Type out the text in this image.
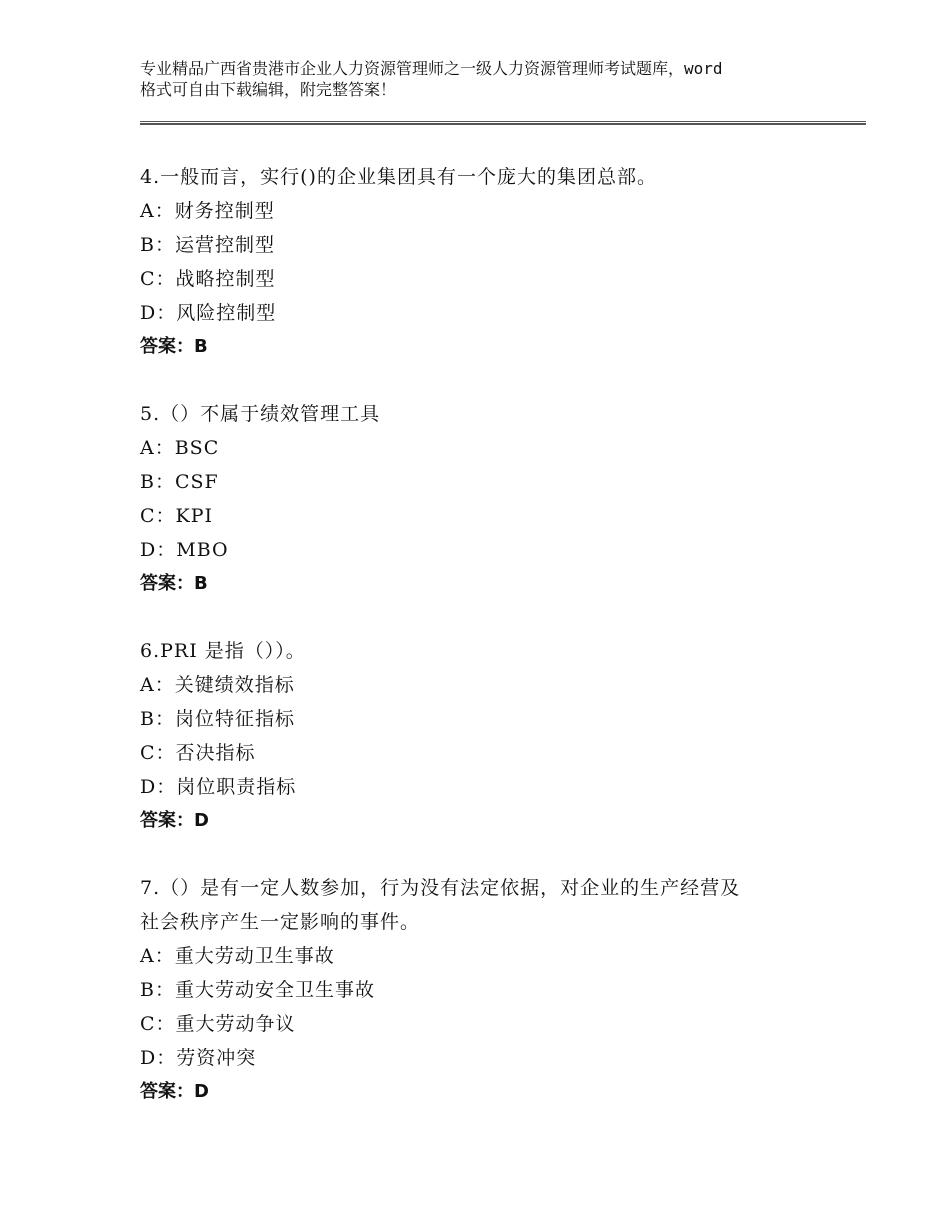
专业精品广西省贵港市企业人力资源管理师之一级人力资源管理师考试题库，word
格式可自由下载编辑，附完整答案！
4.一般而言，实行()的企业集团具有一个庞大的集团总部。
A：财务控制型
B：运营控制型
C：战略控制型
D：风险控制型
答案：B
5.（）不属于绩效管理工具
A：BSC
B：CSF
C：KPI
D：MBO
答案：B
6.PRI 是指（））。
A：关键绩效指标
B：岗位特征指标
C：否决指标
D：岗位职责指标
答案：D
7.（）是有一定人数参加，行为没有法定依据，对企业的生产经营及
社会秩序产生一定影响的事件。
A：重大劳动卫生事故
B：重大劳动安全卫生事故
C：重大劳动争议
D：劳资冲突
答案：D
